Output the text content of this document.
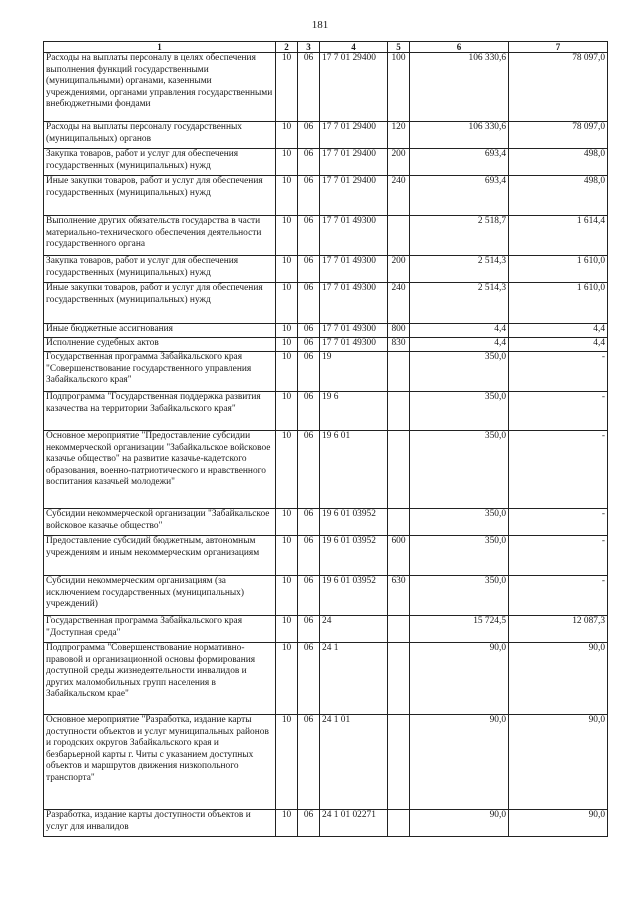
181
1	2	3	4	5	6	7
Расходы на выплаты персоналу в целях обеспечения выполнения функций государственными (муниципальными) органами, казенными учреждениями, органами управления государственными внебюджетными фондами	10	06	17 7 01 29400	100	106 330,6	78 097,0
Расходы на выплаты персоналу государственных (муниципальных) органов	10	06	17 7 01 29400	120	106 330,6	78 097,0
Закупка товаров, работ и услуг для обеспечения государственных (муниципальных) нужд	10	06	17 7 01 29400	200	693,4	498,0
Иные закупки товаров, работ и услуг для обеспечения государственных (муниципальных) нужд	10	06	17 7 01 29400	240	693,4	498,0
Выполнение других обязательств государства в части материально-технического обеспечения деятельности государственного органа	10	06	17 7 01 49300		2 518,7	1 614,4
Закупка товаров, работ и услуг для обеспечения государственных (муниципальных) нужд	10	06	17 7 01 49300	200	2 514,3	1 610,0
Иные закупки товаров, работ и услуг для обеспечения государственных (муниципальных) нужд	10	06	17 7 01 49300	240	2 514,3	1 610,0
Иные бюджетные ассигнования	10	06	17 7 01 49300	800	4,4	4,4
Исполнение судебных актов	10	06	17 7 01 49300	830	4,4	4,4
Государственная программа Забайкальского края "Совершенствование государственного управления Забайкальского края"	10	06	19		350,0	-
Подпрограмма "Государственная поддержка развития казачества на территории Забайкальского края"	10	06	19 6		350,0	-
Основное мероприятие "Предоставление субсидии некоммерческой организации "Забайкальское войсковое казачье общество" на развитие казачье-кадетского образования, военно-патриотического и нравственного воспитания казачьей молодежи"	10	06	19 6 01		350,0	-
Субсидии некоммерческой организации "Забайкальское войсковое казачье общество"	10	06	19 6 01 03952		350,0	-
Предоставление субсидий бюджетным, автономным учреждениям и иным некоммерческим организациям	10	06	19 6 01 03952	600	350,0	-
Субсидии некоммерческим организациям (за исключением государственных (муниципальных) учреждений)	10	06	19 6 01 03952	630	350,0	-
Государственная программа Забайкальского края "Доступная среда"	10	06	24		15 724,5	12 087,3
Подпрограмма "Совершенствование нормативно-правовой и организационной основы формирования доступной среды жизнедеятельности инвалидов и других маломобильных групп населения в Забайкальском крае"	10	06	24 1		90,0	90,0
Основное мероприятие "Разработка, издание карты доступности объектов и услуг муниципальных районов и городских округов Забайкальского края и безбарьерной карты г. Читы с указанием доступных объектов и маршрутов движения низкопольного транспорта"	10	06	24 1 01		90,0	90,0
Разработка, издание карты доступности объектов и услуг для инвалидов	10	06	24 1 01 02271		90,0	90,0
